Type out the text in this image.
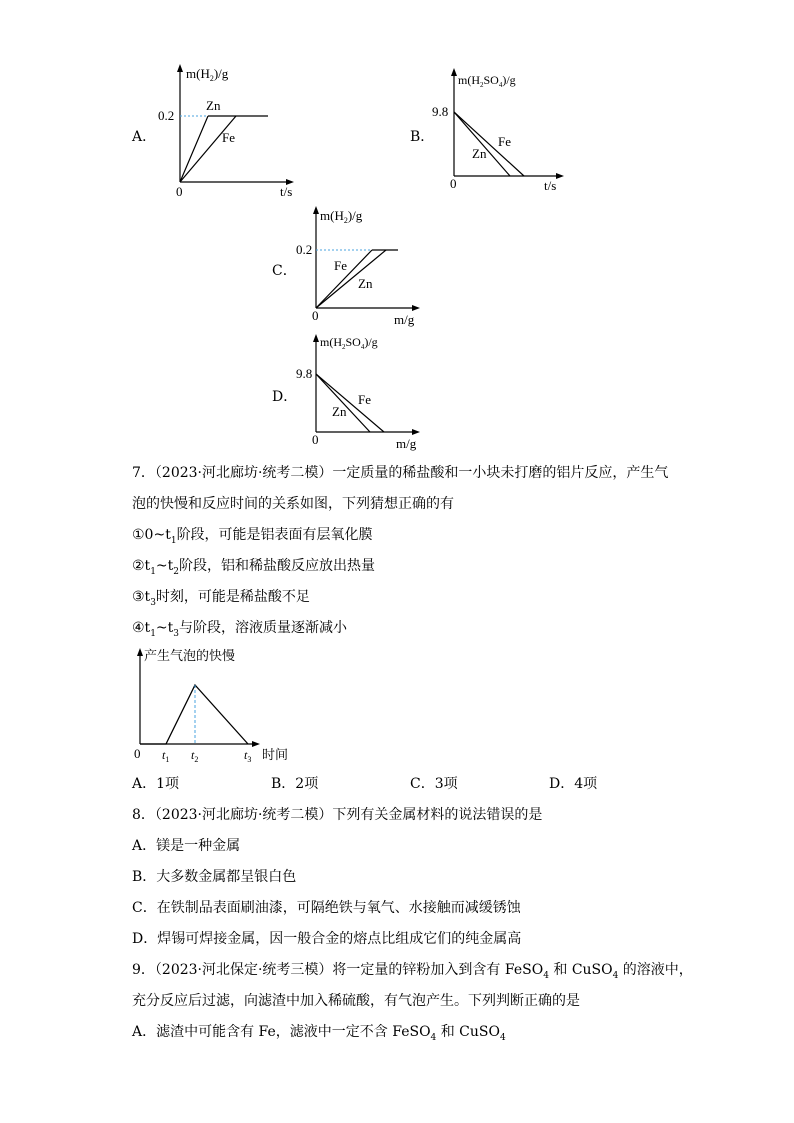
A．
$m(H_2)/g$
0.2
Zn
Fe
0	t/s
B．
$m(H_2SO_4)/g$
9.8
Fe
Zn
0	t/s
C．
$m(H_2)/g$
0.2
Fe
Zn
0	m/g
D．
$m(H_2SO_4)/g$
9.8
Fe
Zn
0	m/g
7．（2023·河北廊坊·统考二模）一定质量的稀盐酸和一小块未打磨的铝片反应，产生气
泡的快慢和反应时间的关系如图，下列猜想正确的有
$①0\sim t_1$阶段，可能是铝表面有层氧化膜
$②t_1\sim t_2$阶段，铝和稀盐酸反应放出热量
$③t_3$时刻，可能是稀盐酸不足
$④t_1\sim t_3$与阶段，溶液质量逐渐减小
产生气泡的快慢
0 $t_1$ $t_2$	$t_3$ 时间
A．1项	B．2项	C．3项	D．4项
8．（2023·河北廊坊·统考二模）下列有关金属材料的说法错误的是
A．镁是一种金属
B．大多数金属都呈银白色
C．在铁制品表面刷油漆，可隔绝铁与氧气、水接触而减缓锈蚀
D．焊锡可焊接金属，因一般合金的熔点比组成它们的纯金属高
9．（2023·河北保定·统考三模）将一定量的锌粉加入到含有 FeSO$_4$ 和 CuSO$_4$ 的溶液中，
充分反应后过滤，向滤渣中加入稀硫酸，有气泡产生。下列判断正确的是
A．滤渣中可能含有 Fe，滤液中一定不含 FeSO$_4$ 和 CuSO$_4$
